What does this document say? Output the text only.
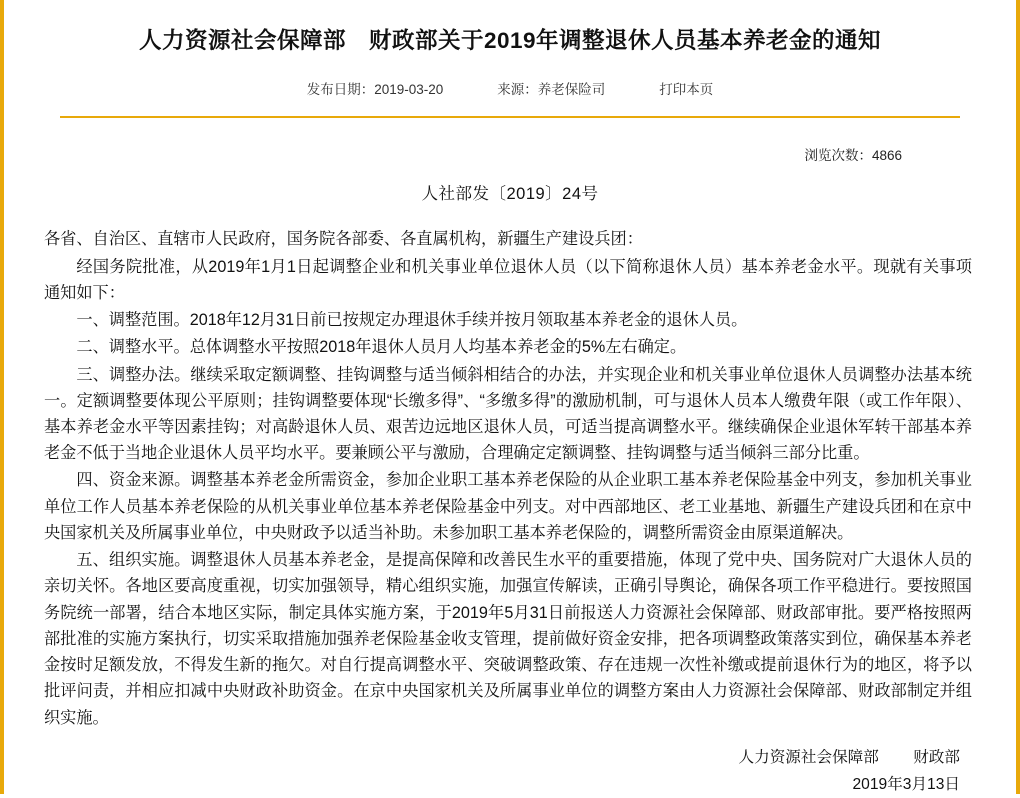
人力资源社会保障部　财政部关于2019年调整退休人员基本养老金的通知
发布日期：2019-03-20	来源：养老保险司	打印本页
浏览次数：4866
人社部发〔2019〕24号

各省、自治区、直辖市人民政府，国务院各部委、各直属机构，新疆生产建设兵团：

经国务院批准，从2019年1月1日起调整企业和机关事业单位退休人员（以下简称退休人员）基本养老金水平。现就有关事项通知如下：

一、调整范围。2018年12月31日前已按规定办理退休手续并按月领取基本养老金的退休人员。

二、调整水平。总体调整水平按照2018年退休人员月人均基本养老金的5%左右确定。

三、调整办法。继续采取定额调整、挂钩调整与适当倾斜相结合的办法，并实现企业和机关事业单位退休人员调整办法基本统一。定额调整要体现公平原则；挂钩调整要体现“长缴多得”、“多缴多得”的激励机制，可与退休人员本人缴费年限（或工作年限）、基本养老金水平等因素挂钩；对高龄退休人员、艰苦边远地区退休人员，可适当提高调整水平。继续确保企业退休军转干部基本养老金不低于当地企业退休人员平均水平。要兼顾公平与激励，合理确定定额调整、挂钩调整与适当倾斜三部分比重。

四、资金来源。调整基本养老金所需资金，参加企业职工基本养老保险的从企业职工基本养老保险基金中列支，参加机关事业单位工作人员基本养老保险的从机关事业单位基本养老保险基金中列支。对中西部地区、老工业基地、新疆生产建设兵团和在京中央国家机关及所属事业单位，中央财政予以适当补助。未参加职工基本养老保险的，调整所需资金由原渠道解决。

五、组织实施。调整退休人员基本养老金，是提高保障和改善民生水平的重要措施，体现了党中央、国务院对广大退休人员的亲切关怀。各地区要高度重视，切实加强领导，精心组织实施，加强宣传解读，正确引导舆论，确保各项工作平稳进行。要按照国务院统一部署，结合本地区实际，制定具体实施方案，于2019年5月31日前报送人力资源社会保障部、财政部审批。要严格按照两部批准的实施方案执行，切实采取措施加强养老保险基金收支管理，提前做好资金安排，把各项调整政策落实到位，确保基本养老金按时足额发放，不得发生新的拖欠。对自行提高调整水平、突破调整政策、存在违规一次性补缴或提前退休行为的地区，将予以批评问责，并相应扣减中央财政补助资金。在京中央国家机关及所属事业单位的调整方案由人力资源社会保障部、财政部制定并组织实施。

人力资源社会保障部 财政部
2019年3月13日
